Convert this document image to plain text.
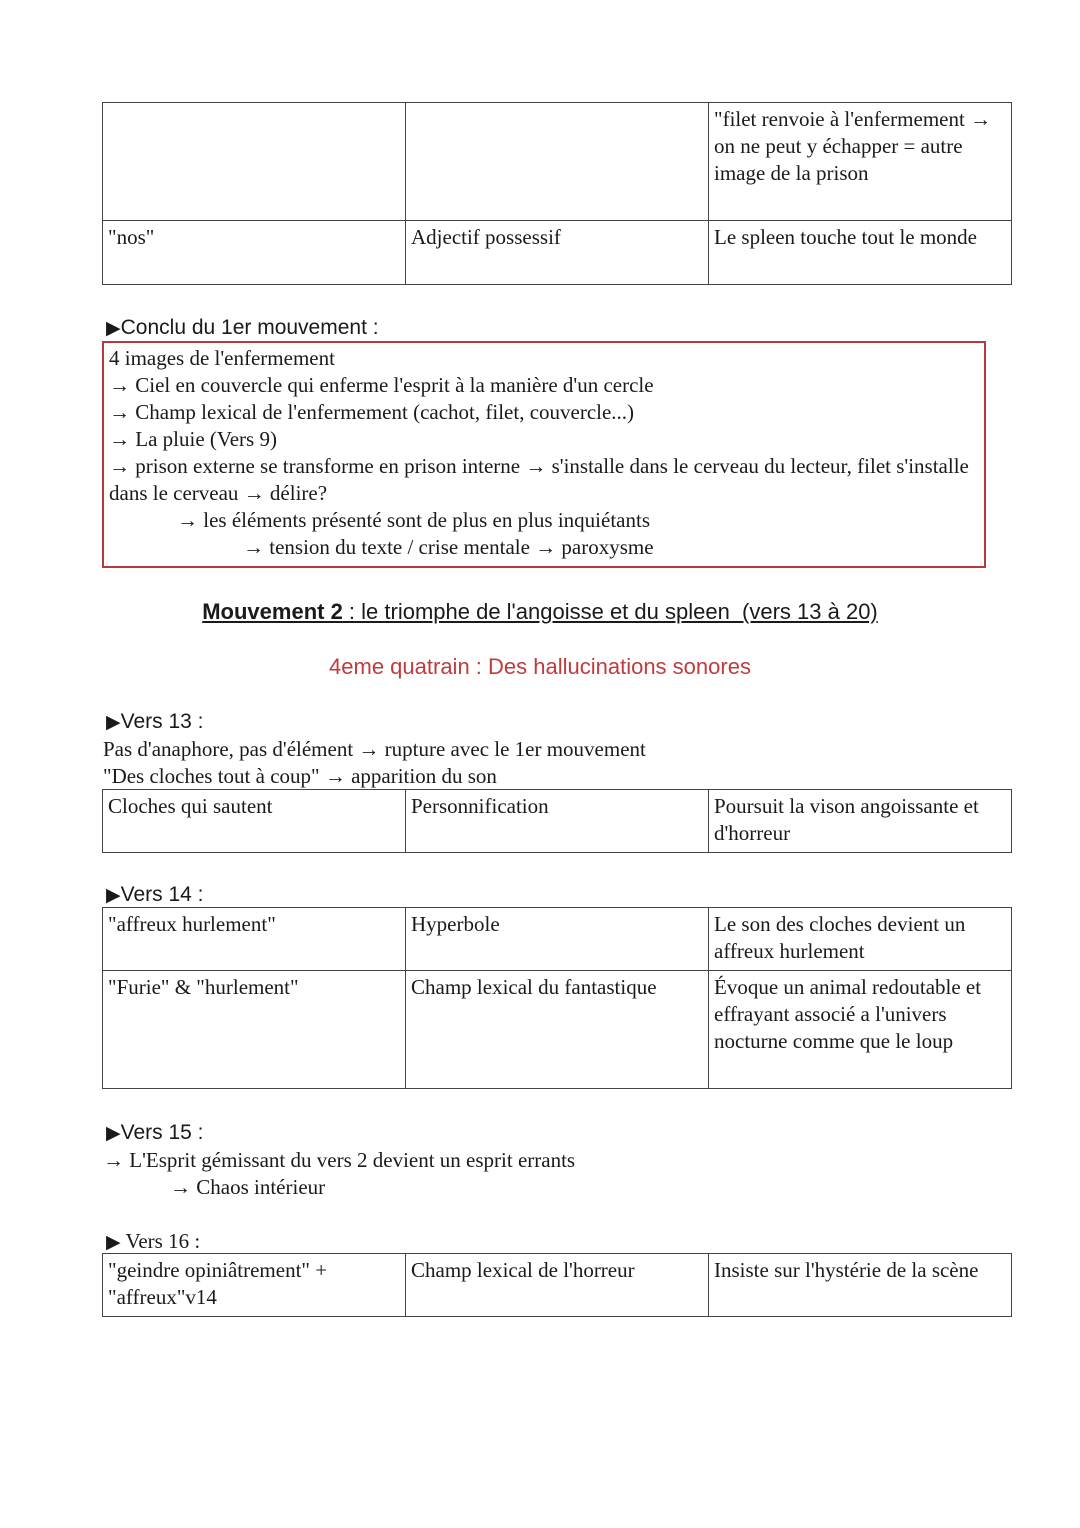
		"filet renvoie à l'enfermement → on ne peut y échapper = autre image de la prison
"nos"	Adjectif possessif	Le spleen touche tout le monde
▶Conclu du 1er mouvement :
4 images de l'enfermement
→ Ciel en couvercle qui enferme l'esprit à la manière d'un cercle
→ Champ lexical de l'enfermement (cachot, filet, couvercle...)
→ La pluie (Vers 9)
→ prison externe se transforme en prison interne → s'installe dans le cerveau du lecteur, filet s'installe dans le cerveau → délire?
→ les éléments présenté sont de plus en plus inquiétants
→ tension du texte / crise mentale → paroxysme
Mouvement 2 : le triomphe de l'angoisse et du spleen  (vers 13 à 20)
4eme quatrain : Des hallucinations sonores
▶Vers 13 :
Pas d'anaphore, pas d'élément → rupture avec le 1er mouvement
"Des cloches tout à coup" → apparition du son
Cloches qui sautent	Personnification	Poursuit la vison angoissante et d'horreur
▶Vers 14 :
"affreux hurlement"	Hyperbole	Le son des cloches devient un affreux hurlement
"Furie" & "hurlement"	Champ lexical du fantastique	Évoque un animal redoutable et effrayant associé a l'univers nocturne comme que le loup
▶Vers 15 :
→ L'Esprit gémissant du vers 2 devient un esprit errants
→ Chaos intérieur
▶ Vers 16 :
"geindre opiniâtrement" + "affreux"v14	Champ lexical de l'horreur	Insiste sur l'hystérie de la scène
